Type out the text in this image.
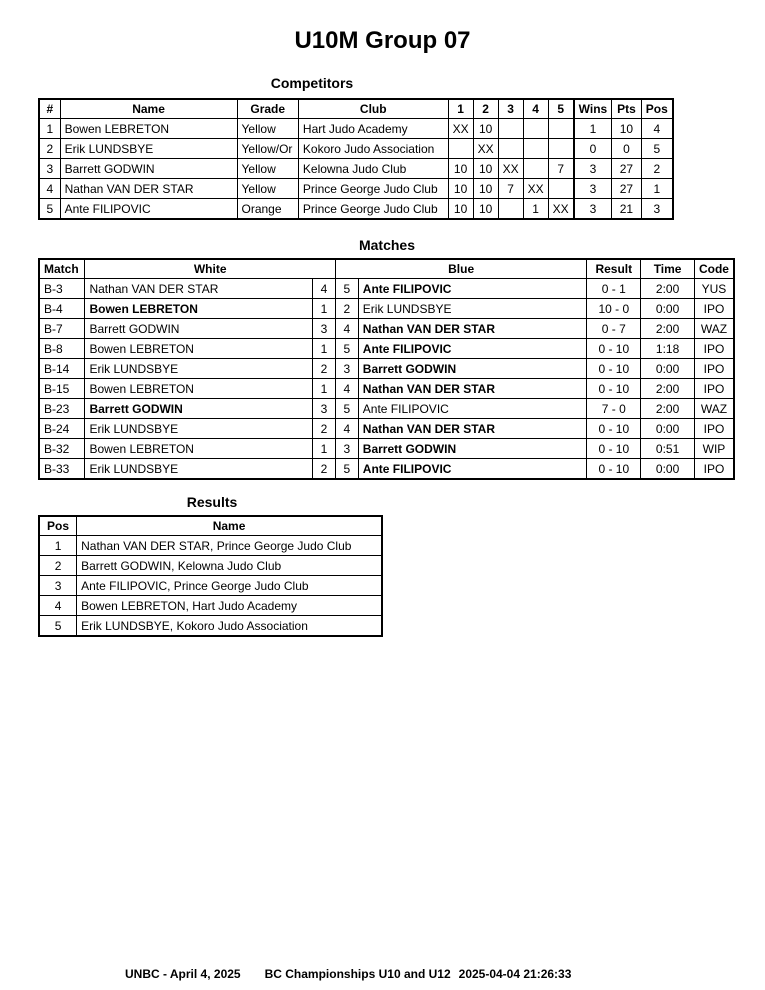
U10M Group 07
Competitors
#	Name	Grade	Club	1	2	3	4	5	Wins	Pts	Pos
1	Bowen LEBRETON	Yellow	Hart Judo Academy	XX	10				1	10	4
2	Erik LUNDSBYE	Yellow/Or	Kokoro Judo Association		XX				0	0	5
3	Barrett GODWIN	Yellow	Kelowna Judo Club	10	10	XX		7	3	27	2
4	Nathan VAN DER STAR	Yellow	Prince George Judo Club	10	10	7	XX		3	27	1
5	Ante FILIPOVIC	Orange	Prince George Judo Club	10	10		1	XX	3	21	3
Matches
Match	White		Blue		Result	Time	Code
B-3	Nathan VAN DER STAR	4	5	Ante FILIPOVIC	0 - 1	2:00	YUS
B-4	Bowen LEBRETON	1	2	Erik LUNDSBYE	10 - 0	0:00	IPO
B-7	Barrett GODWIN	3	4	Nathan VAN DER STAR	0 - 7	2:00	WAZ
B-8	Bowen LEBRETON	1	5	Ante FILIPOVIC	0 - 10	1:18	IPO
B-14	Erik LUNDSBYE	2	3	Barrett GODWIN	0 - 10	0:00	IPO
B-15	Bowen LEBRETON	1	4	Nathan VAN DER STAR	0 - 10	2:00	IPO
B-23	Barrett GODWIN	3	5	Ante FILIPOVIC	7 - 0	2:00	WAZ
B-24	Erik LUNDSBYE	2	4	Nathan VAN DER STAR	0 - 10	0:00	IPO
B-32	Bowen LEBRETON	1	3	Barrett GODWIN	0 - 10	0:51	WIP
B-33	Erik LUNDSBYE	2	5	Ante FILIPOVIC	0 - 10	0:00	IPO
Results
Pos	Name
1	Nathan VAN DER STAR, Prince George Judo Club
2	Barrett GODWIN, Kelowna Judo Club
3	Ante FILIPOVIC, Prince George Judo Club
4	Bowen LEBRETON, Hart Judo Academy
5	Erik LUNDSBYE, Kokoro Judo Association
UNBC - April 4, 2025 BC Championships U10 and U12 2025-04-04 21:26:33
